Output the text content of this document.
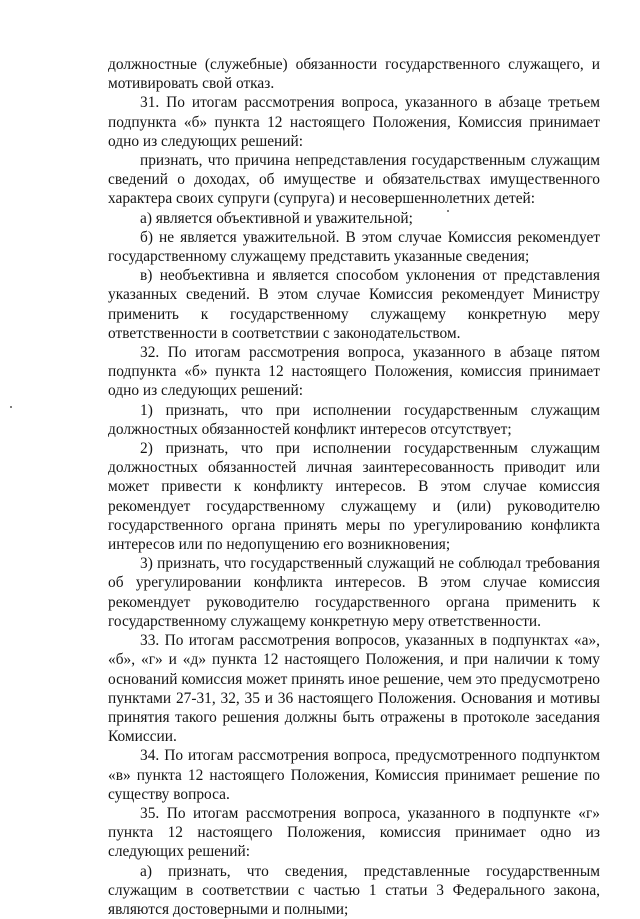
должностные (служебные) обязанности государственного служащего, и мотивировать свой отказ.

31. По итогам рассмотрения вопроса, указанного в абзаце третьем подпункта «б» пункта 12 настоящего Положения, Комиссия принимает одно из следующих решений:

признать, что причина непредставления государственным служащим сведений о доходах, об имуществе и обязательствах имущественного характера своих супруги (супруга) и несовершеннолетних детей:

а) является объективной и уважительной;

б) не является уважительной. В этом случае Комиссия рекомендует государственному служащему представить указанные сведения;

в) необъективна и является способом уклонения от представления указанных сведений. В этом случае Комиссия рекомендует Министру применить к государственному служащему конкретную меру ответственности в соответствии с законодательством.

32. По итогам рассмотрения вопроса, указанного в абзаце пятом подпункта «б» пункта 12 настоящего Положения, комиссия принимает одно из следующих решений:

1) признать, что при исполнении государственным служащим должностных обязанностей конфликт интересов отсутствует;

2) признать, что при исполнении государственным служащим должностных обязанностей личная заинтересованность приводит или может привести к конфликту интересов. В этом случае комиссия рекомендует государственному служащему и (или) руководителю государственного органа принять меры по урегулированию конфликта интересов или по недопущению его возникновения;

3) признать, что государственный служащий не соблюдал требования об урегулировании конфликта интересов. В этом случае комиссия рекомендует руководителю государственного органа применить к государственному служащему конкретную меру ответственности.

33. По итогам рассмотрения вопросов, указанных в подпунктах «а», «б», «г» и «д» пункта 12 настоящего Положения, и при наличии к тому оснований комиссия может принять иное решение, чем это предусмотрено пунктами 27-31, 32, 35 и 36 настоящего Положения. Основания и мотивы принятия такого решения должны быть отражены в протоколе заседания Комиссии.

34. По итогам рассмотрения вопроса, предусмотренного подпунктом «в» пункта 12 настоящего Положения, Комиссия принимает решение по существу вопроса.

35. По итогам рассмотрения вопроса, указанного в подпункте «г» пункта 12 настоящего Положения, комиссия принимает одно из следующих решений:

а) признать, что сведения, представленные государственным служащим в соответствии с частью 1 статьи 3 Федерального закона, являются достоверными и полными;
